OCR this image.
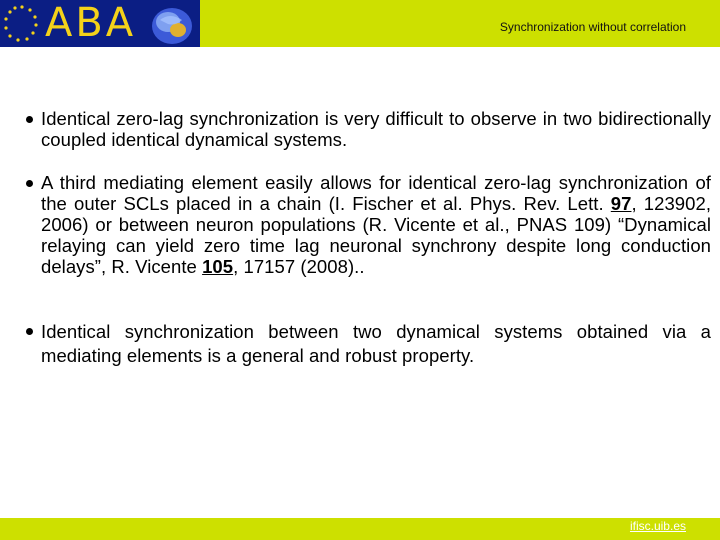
ABA	Synchronization without correlation
Identical zero-lag synchronization is very difficult to observe in two bidirectionally coupled identical dynamical systems.
A third mediating element easily allows for identical zero-lag synchronization of the outer SCLs placed in a chain (I. Fischer et al. Phys. Rev. Lett. 97, 123902, 2006) or between neuron populations (R. Vicente et al., PNAS 109) “Dynamical relaying can yield zero time lag neuronal synchrony despite long conduction delays”, R. Vicente 105, 17157 (2008)..
Identical synchronization between two dynamical systems obtained via a mediating elements is a general and robust property.
ifisc.uib.es
